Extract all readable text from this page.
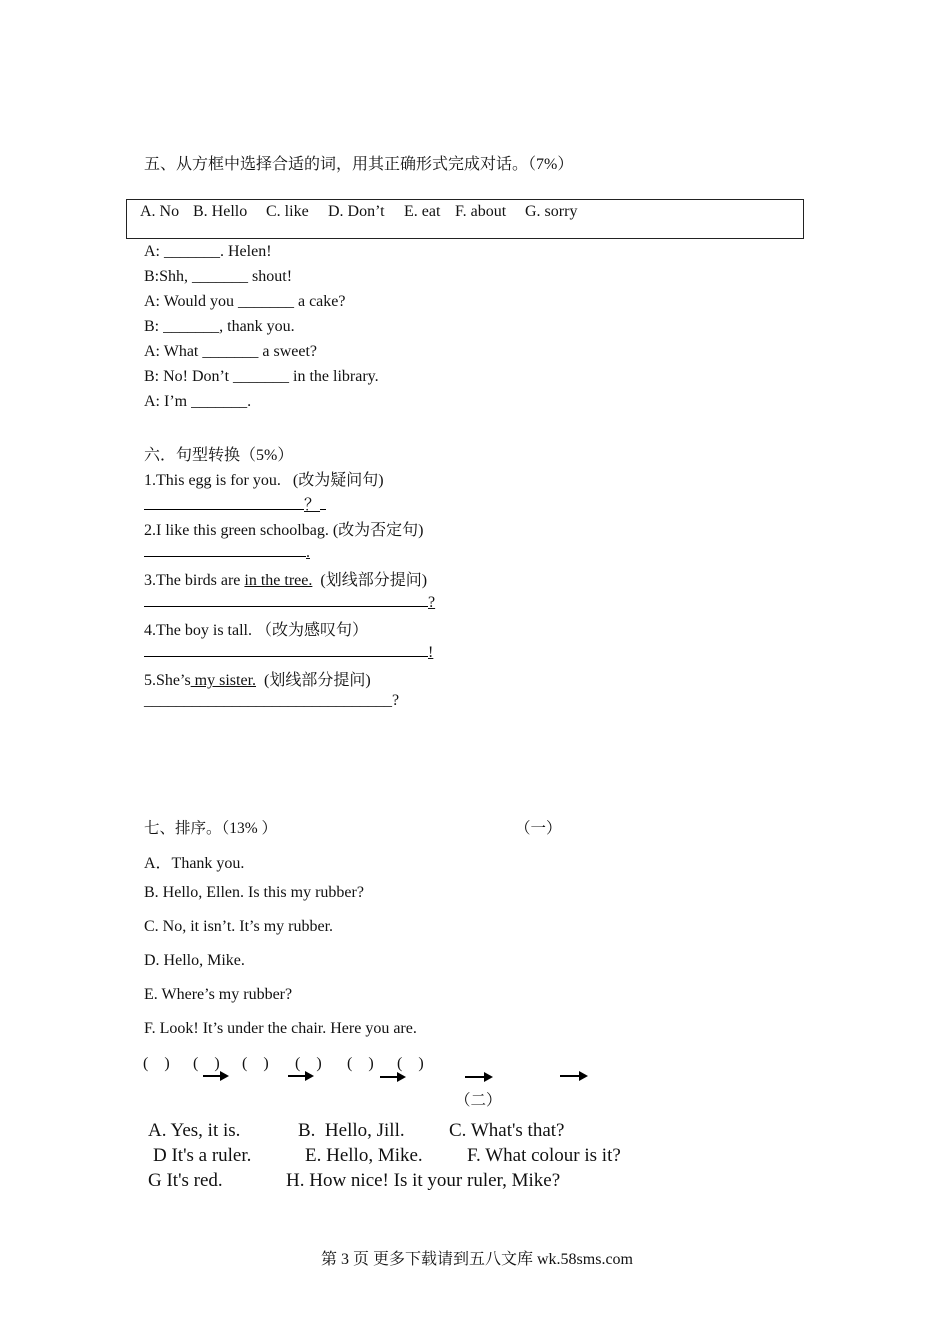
五、从方框中选择合适的词，用其正确形式完成对话。（7%）
A. No B. Hello C. like D. Don’t E. eat F. about G. sorry
A: _______. Helen!
B:Shh, _______ shout!
A: Would you _______ a cake?
B: _______, thank you.
A: What _______ a sweet?
B: No! Don’t _______ in the library.
A: I’m _______.
六．句型转换（5%）
1.This egg is for you.   (改为疑问句)
？
2.I like this green schoolbag. (改为否定句)
.
3.The birds are in the tree.  (划线部分提问)
?
4.The boy is tall. （改为感叹句）
!
5.She’s my sister.  (划线部分提问)
_______________________________?
七、排序。（13% ）	（一）
A．Thank you.
B. Hello, Ellen. Is this my rubber?
C. No, it isn’t. It’s my rubber.
D. Hello, Mike.
E. Where’s my rubber?
F. Look! It’s under the chair. Here you are.
(    ) (    ) (    ) (    ) (    ) (    )
（二）
A. Yes, it is.	B.  Hello, Jill. C. What's that?
D It's a ruler.	E. Hello, Mike. F. What colour is it?
G It's red.	H. How nice! Is it your ruler, Mike?
第 3 页 更多下载请到五八文库 wk.58sms.com
